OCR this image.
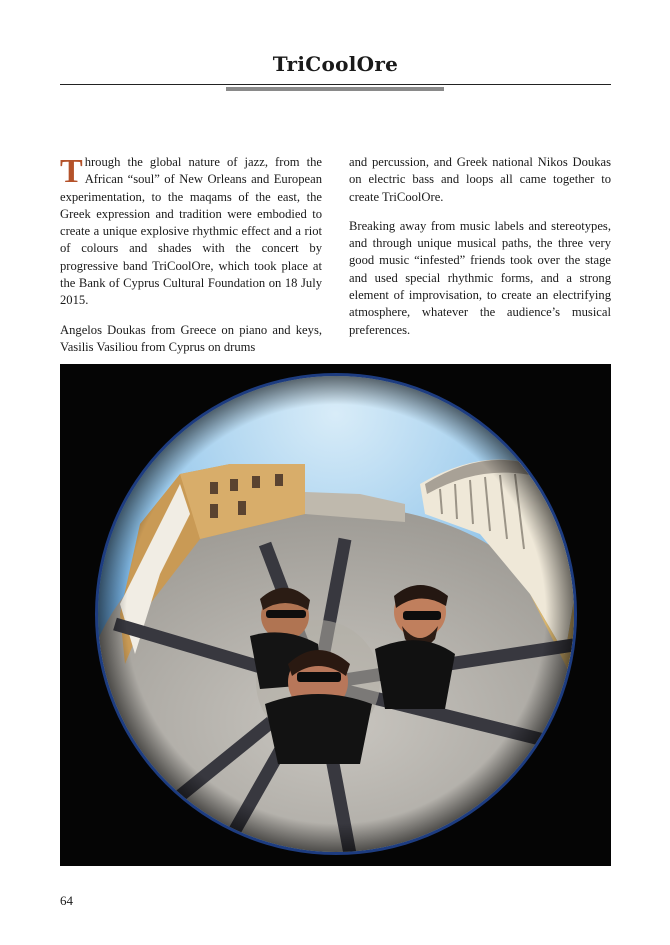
TriCoolOre

Through the global nature of jazz, from the African “soul” of New Orleans and European experimentation, to the maqams of the east, the Greek expression and tradition were embodied to create a unique explosive rhythmic effect and a riot of colours and shades with the concert by progressive band TriCoolOre, which took place at the Bank of Cyprus Cultural Foundation on 18 July 2015.

Angelos Doukas from Greece on piano and keys, Vasilis Vasiliou from Cyprus on drums

and percussion, and Greek national Nikos Doukas on electric bass and loops all came together to create TriCoolOre.

Breaking away from music labels and stereotypes, and through unique musical paths, the three very good music “infested” friends took over the stage and used special rhythmic forms, and a strong element of improvisation, to create an electrifying atmosphere, whatever the audience’s musical preferences.

64
